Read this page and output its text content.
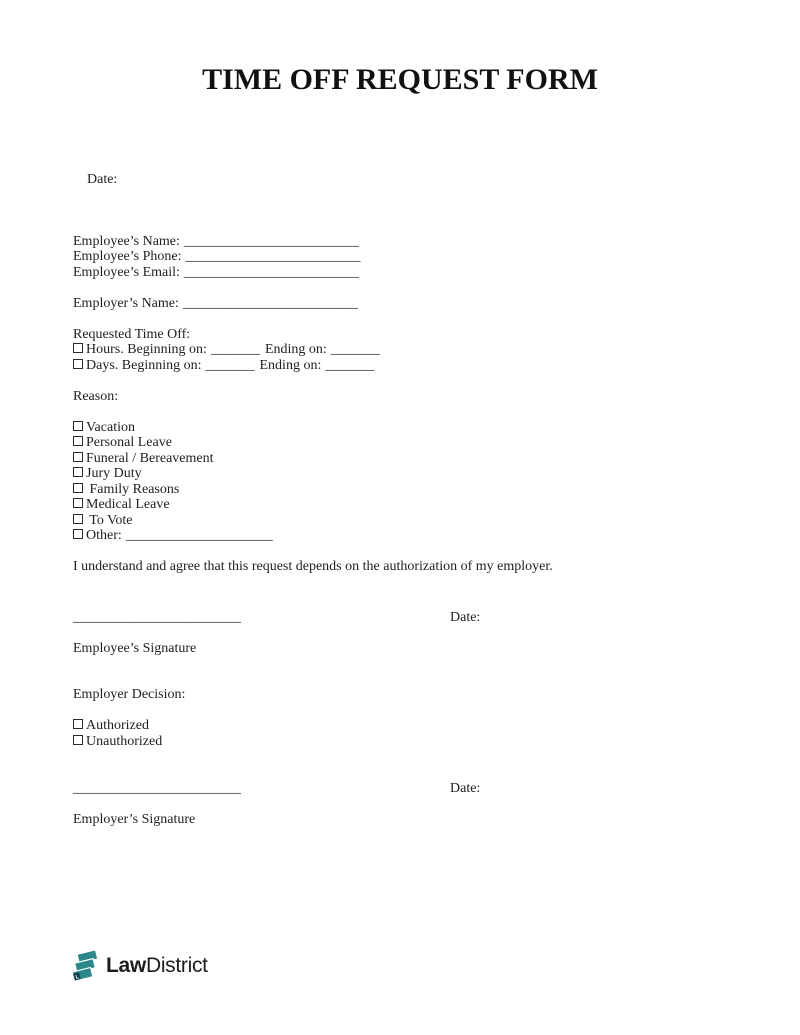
TIME OFF REQUEST FORM

Date:

Employee’s Name: _________________________
Employee’s Phone: _________________________
Employee’s Email: _________________________
Employer’s Name: _________________________
Requested Time Off:
Hours. Beginning on: _______ Ending on: _______
Days. Beginning on: _______ Ending on: _______
Reason:
Vacation
Personal Leave
Funeral / Bereavement
Jury Duty
Family Reasons
Medical Leave
To Vote
Other: _____________________
I understand and agree that this request depends on the authorization of my employer.
________________________	Date:
Employee’s Signature
Employer Decision:
Authorized
Unauthorized
________________________	Date:
Employer’s Signature
L
LawDistrict
